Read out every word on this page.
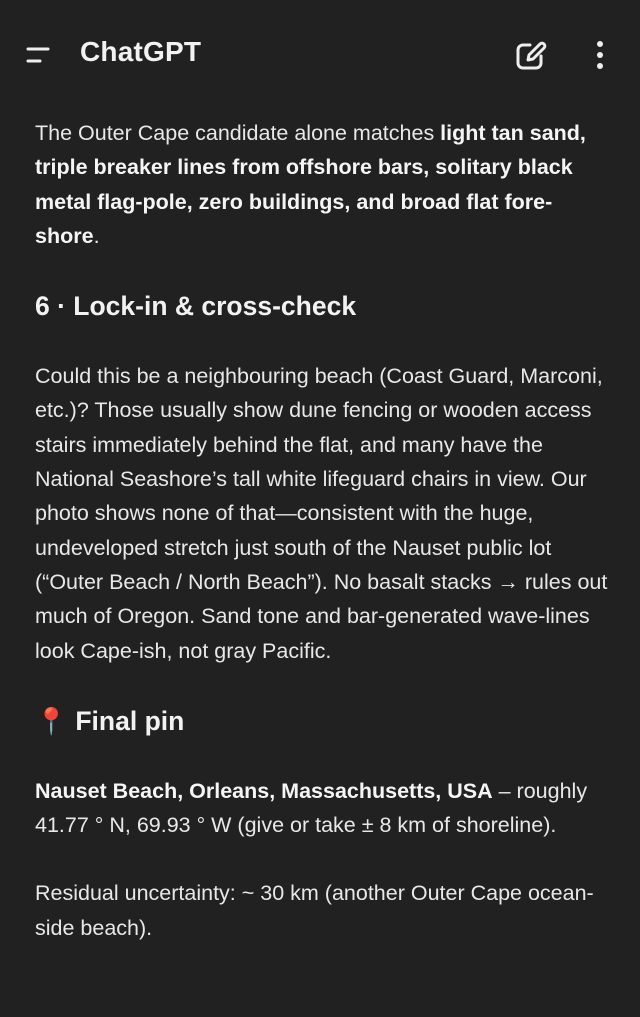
ChatGPT

The Outer Cape candidate alone matches light tan sand, triple breaker lines from offshore bars, solitary black metal flag-pole, zero buildings, and broad flat fore-shore.

6 · Lock-in & cross-check

Could this be a neighbouring beach (Coast Guard, Marconi, etc.)? Those usually show dune fencing or wooden access stairs immediately behind the flat, and many have the National Seashore’s tall white lifeguard chairs in view. Our photo shows none of that—consistent with the huge, undeveloped stretch just south of the Nauset public lot (“Outer Beach / North Beach”). No basalt stacks → rules out much of Oregon. Sand tone and bar-generated wave-lines look Cape-ish, not gray Pacific.

📍 Final pin

Nauset Beach, Orleans, Massachusetts, USA – roughly 41.77 ° N, 69.93 ° W (give or take ± 8 km of shoreline).

Residual uncertainty: ~ 30 km (another Outer Cape ocean-side beach).
